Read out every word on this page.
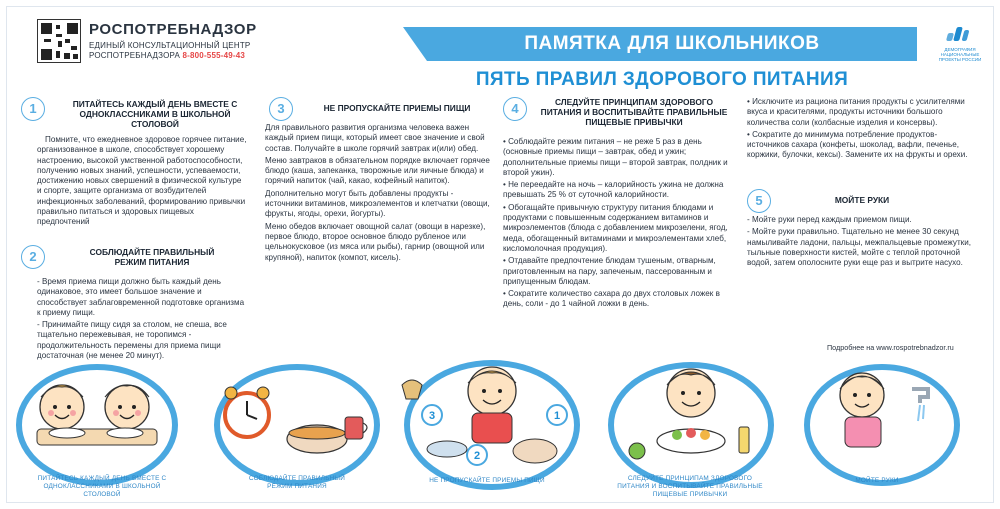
РОСПОТРЕБНАДЗОР
ЕДИНЫЙ КОНСУЛЬТАЦИОННЫЙ ЦЕНТР
РОСПОТРЕБНАДЗОРА 8-800-555-49-43
ПАМЯТКА ДЛЯ ШКОЛЬНИКОВ
ПЯТЬ ПРАВИЛ ЗДОРОВОГО ПИТАНИЯ
ДЕМОГРАФИЯ НАЦИОНАЛЬНЫЕ ПРОЕКТЫ РОССИИ
1	ПИТАЙТЕСЬ КАЖДЫЙ ДЕНЬ ВМЕСТЕ С ОДНОКЛАССНИКАМИ В ШКОЛЬНОЙ СТОЛОВОЙ

Помните, что ежедневное здоровое горячее питание, организованное в школе, способствует хорошему настроению, высокой умственной работоспособности, получению новых знаний, успешности, успеваемости, достижению новых свершений в физической культуре и спорте, защите организма от возбудителей инфекционных заболеваний, формированию привычки правильно питаться и здоровых пищевых предпочтений

2	СОБЛЮДАЙТЕ ПРАВИЛЬНЫЙ РЕЖИМ ПИТАНИЯ

- Время приема пищи должно быть каждый день одинаковое, это имеет большое значение и способствует заблаговременной подготовке организма к приему пищи.

- Принимайте пищу сидя за столом, не спеша, все тщательно пережевывая, не торопимся - продолжительность перемены для приема пищи достаточная (не менее 20 минут).

3	НЕ ПРОПУСКАЙТЕ ПРИЕМЫ ПИЩИ

Для правильного развития организма человека важен каждый прием пищи, который имеет свое значение и свой состав. Получайте в школе горячий завтрак и(или) обед.

Меню завтраков в обязательном порядке включает горячее блюдо (каша, запеканка, творожные или яичные блюда) и горячий напиток (чай, какао, кофейный напиток).

Дополнительно могут быть добавлены продукты - источники витаминов, микроэлементов и клетчатки (овощи, фрукты, ягоды, орехи, йогурты).

Меню обедов включает овощной салат (овощи в нарезке), первое блюдо, второе основное блюдо рубленое или цельнокусковое (из мяса или рыбы), гарнир (овощной или крупяной), напиток (компот, кисель).

4	СЛЕДУЙТЕ ПРИНЦИПАМ ЗДОРОВОГО ПИТАНИЯ И ВОСПИТЫВАЙТЕ ПРАВИЛЬНЫЕ ПИЩЕВЫЕ ПРИВЫЧКИ

• Соблюдайте режим питания – не реже 5 раз в день (основные приемы пищи – завтрак, обед и ужин; дополнительные приемы пищи – второй завтрак, полдник и второй ужин).

• Не переедайте на ночь – калорийность ужина не должна превышать 25 % от суточной калорийности.

• Обогащайте привычную структуру питания блюдами и продуктами с повышенным содержанием витаминов и микроэлементов (блюда с добавлением микрозелени, ягод, меда, обогащенный витаминами и микроэлементами хлеб, кисломолочная продукция).

• Отдавайте предпочтение блюдам тушеным, отварным, приготовленным на пару, запеченым, пассерованным и припущенным блюдам.

• Сократите количество сахара до двух столовых ложек в день, соли - до 1 чайной ложки в день.

• Исключите из рациона питания продукты с усилителями вкуса и красителями, продукты источники большого количества соли (колбасные изделия и консервы).

• Сократите до минимума потребление продуктов-источников сахара (конфеты, шоколад, вафли, печенье, коржики, булочки, кексы). Замените их на фрукты и орехи.

5	МОЙТЕ РУКИ

- Мойте руки перед каждым приемом пищи.

- Мойте руки правильно. Тщательно не менее 30 секунд намыливайте ладони, пальцы, межпальцевые промежутки, тыльные поверхности кистей, мойте с теплой проточной водой, затем ополосните руки еще раз и вытрите насухо.

Подробнее на www.rospotrebnadzor.ru
3	1
2
ПИТАЙТЕСЬ КАЖДЫЙ ДЕНЬ ВМЕСТЕ С ОДНОКЛАССНИКАМИ В ШКОЛЬНОЙ СТОЛОВОЙ
СОБЛЮДАЙТЕ ПРАВИЛЬНЫЙ РЕЖИМ ПИТАНИЯ
НЕ ПРОПУСКАЙТЕ ПРИЕМЫ ПИЩИ	СЛЕДУЙТЕ ПРИНЦИПАМ ЗДОРОВОГО ПИТАНИЯ И ВОСПИТЫВАЙТЕ ПРАВИЛЬНЫЕ ПИЩЕВЫЕ ПРИВЫЧКИ
МОЙТЕ РУКИ
